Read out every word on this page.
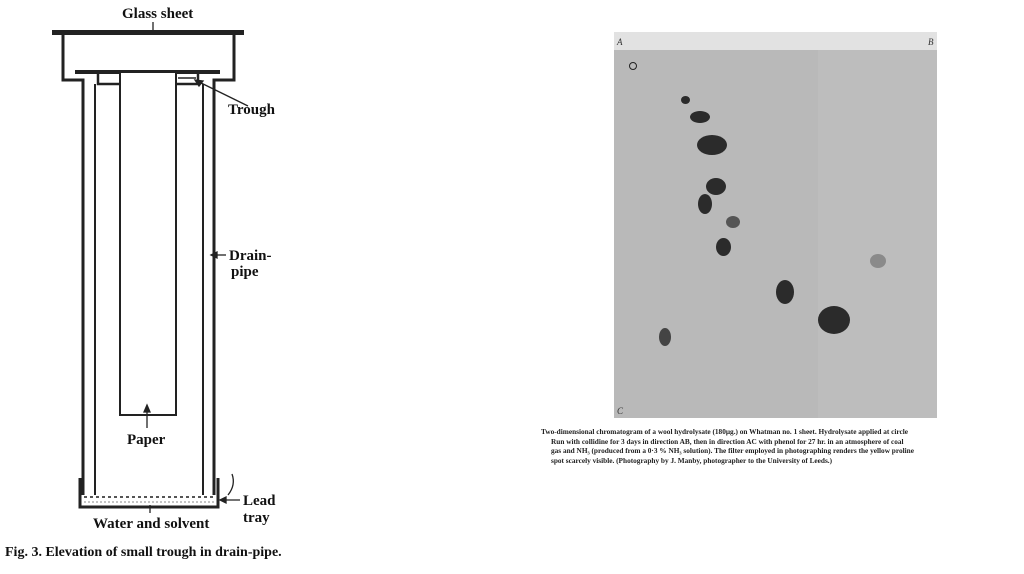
Glass sheet
Trough
Drain-
pipe
Paper
Lead
tray
Water and solvent
Fig. 3. Elevation of small trough in drain-pipe.
A	B
C
Two-dimensional chromatogram of a wool hydrolysate (180µg.) on Whatman no. 1 sheet. Hydrolysate applied at circle
Run with collidine for 3 days in direction AB, then in direction AC with phenol for 27 hr. in an atmosphere of coal
gas and NH₃ (produced from a 0·3 % NH₃ solution). The filter employed in photographing renders the yellow proline
spot scarcely visible. (Photography by J. Manby, photographer to the University of Leeds.)
